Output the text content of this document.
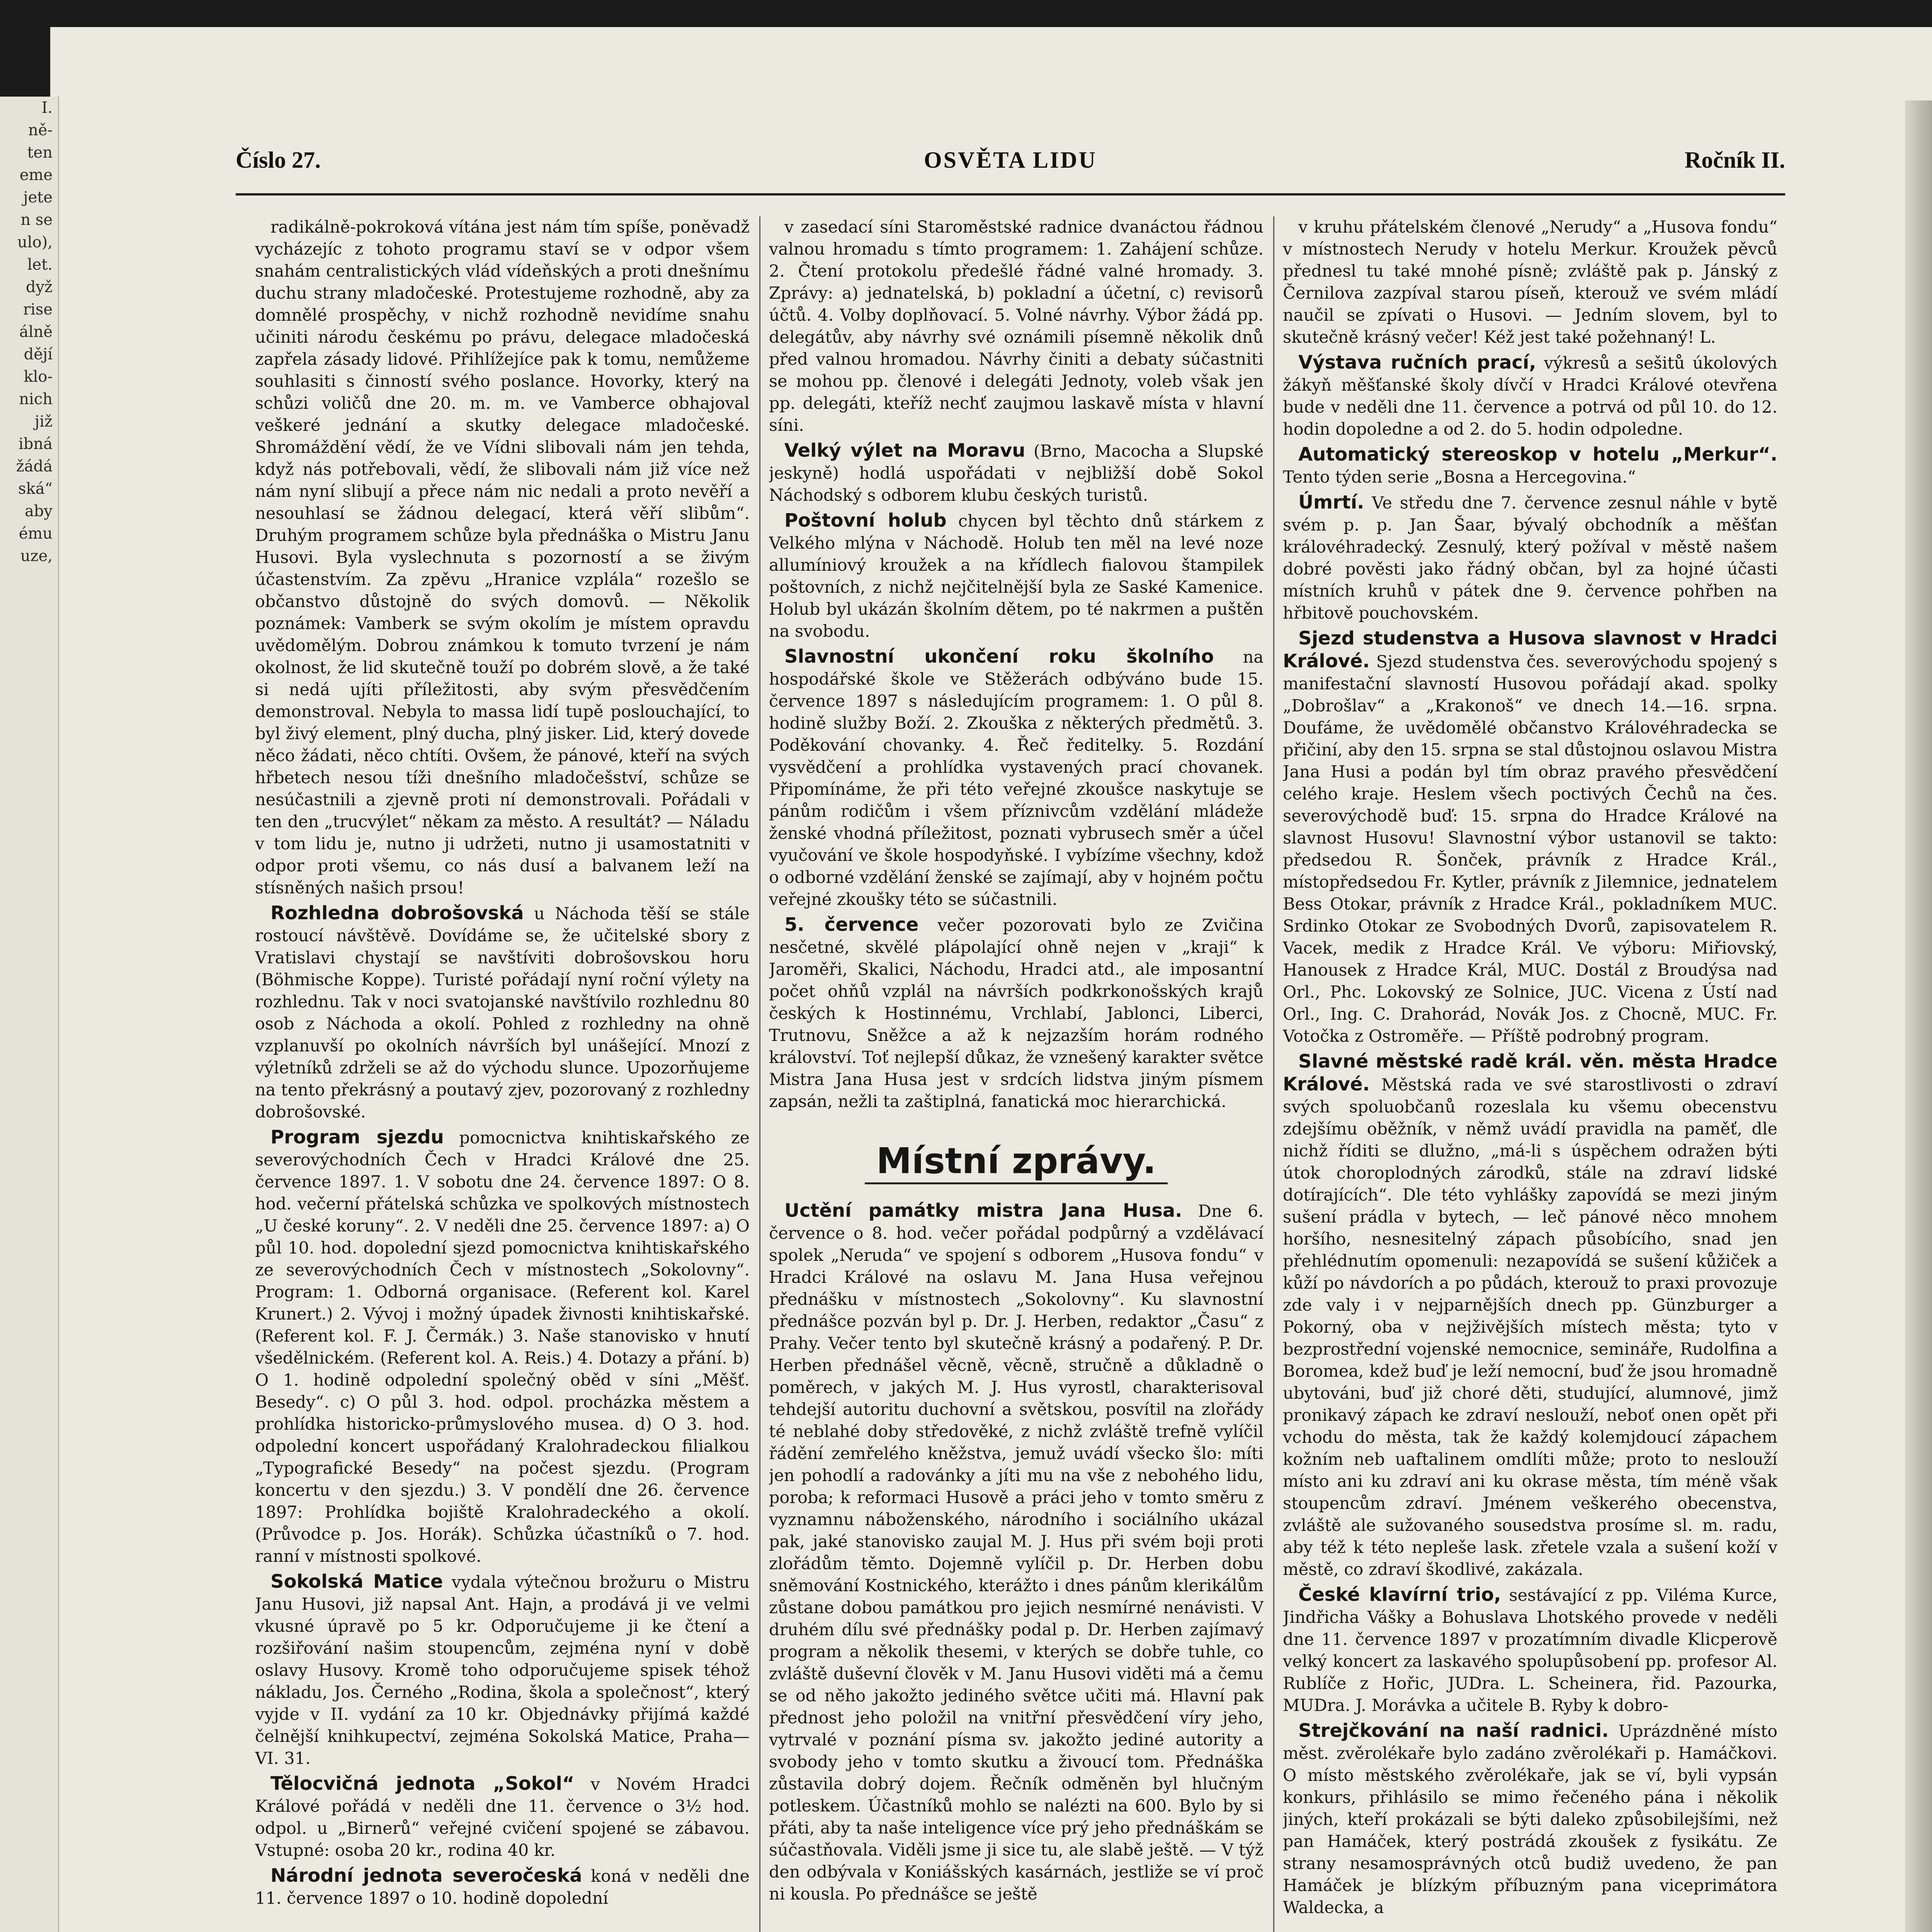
I.
ně-
ten
eme
jete
n se
ulo),
let.
dyž
rise
álně
dějí
klo-
nich
již
ibná
žádá
ská“
aby
ému
uze,
OSVĚTA LIDU
Číslo 27.	Ročník II.

radikálně-pokroková vítána jest nám tím spíše, poněvadž vycházejíc z tohoto programu staví se v odpor všem snahám centralistických vlád vídeňských a proti dnešnímu duchu strany mladočeské. Protestujeme rozhodně, aby za domnělé prospěchy, v nichž rozhodně nevidíme snahu učiniti národu českému po právu, delegace mladočeská zapřela zásady lidové. Přihlížejíce pak k tomu, nemůžeme souhlasiti s činností svého poslance. Hovorky, který na schůzi voličů dne 20. m. m. ve Vamberce obhajoval veškeré jednání a skutky delegace mladočeské. Shromáždění vědí, že ve Vídni slibovali nám jen tehda, když nás potřebovali, vědí, že slibovali nám již více než nám nyní slibují a přece nám nic nedali a proto nevěří a nesouhlasí se žádnou delegací, která věří slibům“. Druhým programem schůze byla přednáška o Mistru Janu Husovi. Byla vyslechnuta s pozorností a se živým účastenstvím. Za zpěvu „Hranice vzplála“ rozešlo se občanstvo důstojně do svých domovů. — Několik poznámek: Vamberk se svým okolím je místem opravdu uvědomělým. Dobrou známkou k tomuto tvrzení je nám okolnost, že lid skutečně touží po dobrém slově, a že také si nedá ujíti příležitosti, aby svým přesvědčením demonstroval. Nebyla to massa lidí tupě poslouchající, to byl živý element, plný ducha, plný jisker. Lid, který dovede něco žádati, něco chtíti. Ovšem, že pánové, kteří na svých hřbetech nesou tíži dnešního mladočešství, schůze se nesúčastnili a zjevně proti ní demonstrovali. Pořádali v ten den „trucvýlet“ někam za město. A resultát? — Náladu v tom lidu je, nutno ji udržeti, nutno ji usamostatniti v odpor proti všemu, co nás dusí a balvanem leží na stísněných našich prsou!

Rozhledna dobrošovská u Náchoda těší se stále rostoucí návštěvě. Dovídáme se, že učitelské sbory z Vratislavi chystají se navštíviti dobrošovskou horu (Böhmische Koppe). Turisté pořádají nyní roční výlety na rozhlednu. Tak v noci svatojanské navštívilo rozhlednu 80 osob z Náchoda a okolí. Pohled z rozhledny na ohně vzplanuvší po okolních návrších byl unášející. Mnozí z výletníků zdrželi se až do východu slunce. Upozorňujeme na tento překrásný a poutavý zjev, pozorovaný z rozhledny dobrošovské.

Program sjezdu pomocnictva knihtiskařského ze severovýchodních Čech v Hradci Králové dne 25. července 1897. 1. V sobotu dne 24. července 1897: O 8. hod. večerní přátelská schůzka ve spolkových místnostech „U české koruny“. 2. V neděli dne 25. července 1897: a) O půl 10. hod. dopolední sjezd pomocnictva knihtiskařského ze severovýchodních Čech v místnostech „Sokolovny“. Program: 1. Odborná organisace. (Referent kol. Karel Krunert.) 2. Vývoj i možný úpadek živnosti knihtiskařské. (Referent kol. F. J. Čermák.) 3. Naše stanovisko v hnutí všedělnickém. (Referent kol. A. Reis.) 4. Dotazy a přání. b) O 1. hodině odpolední společný oběd v síni „Měšť. Besedy“. c) O půl 3. hod. odpol. procházka městem a prohlídka historicko-průmyslového musea. d) O 3. hod. odpolední koncert uspořádaný Kralohradeckou filialkou „Typografické Besedy“ na počest sjezdu. (Program koncertu v den sjezdu.) 3. V pondělí dne 26. července 1897: Prohlídka bojiště Kralohradeckého a okolí. (Průvodce p. Jos. Horák). Schůzka účastníků o 7. hod. ranní v místnosti spolkové.

Sokolská Matice vydala výtečnou brožuru o Mistru Janu Husovi, již napsal Ant. Hajn, a prodává ji ve velmi vkusné úpravě po 5 kr. Odporučujeme ji ke čtení a rozšiřování našim stoupencům, zejména nyní v době oslavy Husovy. Kromě toho odporučujeme spisek téhož nákladu, Jos. Černého „Rodina, škola a společnost“, který vyjde v II. vydání za 10 kr. Objednávky přijímá každé čelnější knihkupectví, zejména Sokolská Matice, Praha—VI. 31.

Tělocvičná jednota „Sokol“ v Novém Hradci Králové pořádá v neděli dne 11. července o 3½ hod. odpol. u „Birnerů“ veřejné cvičení spojené se zábavou. Vstupné: osoba 20 kr., rodina 40 kr.

Národní jednota severočeská koná v neděli dne 11. července 1897 o 10. hodině dopolední

v zasedací síni Staroměstské radnice dvanáctou řádnou valnou hromadu s tímto programem: 1. Zahájení schůze. 2. Čtení protokolu předešlé řádné valné hromady. 3. Zprávy: a) jednatelská, b) pokladní a účetní, c) revisorů účtů. 4. Volby doplňovací. 5. Volné návrhy. Výbor žádá pp. delegátův, aby návrhy své oznámili písemně několik dnů před valnou hromadou. Návrhy činiti a debaty súčastniti se mohou pp. členové i delegáti Jednoty, voleb však jen pp. delegáti, kteříž nechť zaujmou laskavě místa v hlavní síni.

Velký výlet na Moravu (Brno, Macocha a Slupské jeskyně) hodlá uspořádati v nejbližší době Sokol Náchodský s odborem klubu českých turistů.

Poštovní holub chycen byl těchto dnů stárkem z Velkého mlýna v Náchodě. Holub ten měl na levé noze allumíniový kroužek a na křídlech fialovou štampilek poštovních, z nichž nejčitelnější byla ze Saské Kamenice. Holub byl ukázán školním dětem, po té nakrmen a puštěn na svobodu.

Slavnostní ukončení roku školního na hospodářské škole ve Stěžerách odbýváno bude 15. července 1897 s následujícím programem: 1. O půl 8. hodině služby Boží. 2. Zkouška z některých předmětů. 3. Poděkování chovanky. 4. Řeč ředitelky. 5. Rozdání vysvědčení a prohlídka vystavených prací chovanek. Připomínáme, že při této veřejné zkoušce naskytuje se pánům rodičům i všem příznivcům vzdělání mládeže ženské vhodná příležitost, poznati vybrusech směr a účel vyučování ve škole hospodyňské. I vybízíme všechny, kdož o odborné vzdělání ženské se zajímají, aby v hojném počtu veřejné zkoušky této se súčastnili.

5. července večer pozorovati bylo ze Zvičina nesčetné, skvělé plápolající ohně nejen v „kraji“ k Jaroměři, Skalici, Náchodu, Hradci atd., ale imposantní počet ohňů vzplál na návrších podkrkonošských krajů českých k Hostinnému, Vrchlabí, Jablonci, Liberci, Trutnovu, Sněžce a až k nejzazším horám rodného království. Toť nejlepší důkaz, že vznešený karakter světce Mistra Jana Husa jest v srdcích lidstva jiným písmem zapsán, nežli ta zaštiplná, fanatická moc hierarchická.

Místní zprávy.

Uctění památky mistra Jana Husa. Dne 6. července o 8. hod. večer pořádal podpůrný a vzdělávací spolek „Neruda“ ve spojení s odborem „Husova fondu“ v Hradci Králové na oslavu M. Jana Husa veřejnou přednášku v místnostech „Sokolovny“. Ku slavnostní přednášce pozván byl p. Dr. J. Herben, redaktor „Času“ z Prahy. Večer tento byl skutečně krásný a podařený. P. Dr. Herben přednášel věcně, věcně, stručně a důkladně o poměrech, v jakých M. J. Hus vyrostl, charakterisoval tehdejší autoritu duchovní a světskou, posvítil na zlořády té neblahé doby středověké, z nichž zvláště trefně vylíčil řádění zemřelého kněžstva, jemuž uvádí všecko šlo: míti jen pohodlí a radovánky a jíti mu na vše z nebohého lidu, poroba; k reformaci Husově a práci jeho v tomto směru z vyznamnu náboženského, národního i sociálního ukázal pak, jaké stanovisko zaujal M. J. Hus při svém boji proti zlořádům těmto. Dojemně vylíčil p. Dr. Herben dobu sněmování Kostnického, kterážto i dnes pánům klerikálům zůstane dobou památkou pro jejich nesmírné nenávisti. V druhém dílu své přednášky podal p. Dr. Herben zajímavý program a několik thesemi, v kterých se dobře tuhle, co zvláště duševní člověk v M. Janu Husovi viděti má a čemu se od něho jakožto jediného světce učiti má. Hlavní pak přednost jeho položil na vnitřní přesvědčení víry jeho, vytrvalé v poznání písma sv. jakožto jediné autority a svobody jeho v tomto skutku a živoucí tom. Přednáška zůstavila dobrý dojem. Řečník odměněn byl hlučným potleskem. Účastníků mohlo se nalézti na 600. Bylo by si přáti, aby ta naše inteligence více prý jeho přednáškám se súčastňovala. Viděli jsme ji sice tu, ale slabě ještě. — V týž den odbývala v Koniášských kasárnách, jestliže se ví proč ni kousla. Po přednášce se ještě

v kruhu přátelském členové „Nerudy“ a „Husova fondu“ v místnostech Nerudy v hotelu Merkur. Kroužek pěvců přednesl tu také mnohé písně; zvláště pak p. Jánský z Černilova zazpíval starou píseň, kterouž ve svém mládí naučil se zpívati o Husovi. — Jedním slovem, byl to skutečně krásný večer! Kéž jest také požehnaný! L.

Výstava ručních prací, výkresů a sešitů úkolových žákyň měšťanské školy dívčí v Hradci Králové otevřena bude v neděli dne 11. července a potrvá od půl 10. do 12. hodin dopoledne a od 2. do 5. hodin odpoledne.

Automatický stereoskop v hotelu „Merkur“. Tento týden serie „Bosna a Hercegovina.“

Úmrtí. Ve středu dne 7. července zesnul náhle v bytě svém p. p. Jan Šaar, bývalý obchodník a měšťan královéhradecký. Zesnulý, který požíval v městě našem dobré pověsti jako řádný občan, byl za hojné účasti místních kruhů v pátek dne 9. července pohřben na hřbitově pouchovském.

Sjezd studenstva a Husova slavnost v Hradci Králové. Sjezd studenstva čes. severovýchodu spojený s manifestační slavností Husovou pořádají akad. spolky „Dobrošlav“ a „Krakonoš“ ve dnech 14.—16. srpna. Doufáme, že uvědomělé občanstvo Královéhradecka se přičiní, aby den 15. srpna se stal důstojnou oslavou Mistra Jana Husi a podán byl tím obraz pravého přesvědčení celého kraje. Heslem všech poctivých Čechů na čes. severovýchodě buď: 15. srpna do Hradce Králové na slavnost Husovu! Slavnostní výbor ustanovil se takto: předsedou R. Šonček, právník z Hradce Král., místopředsedou Fr. Kytler, právník z Jilemnice, jednatelem Bess Otokar, právník z Hradce Král., pokladníkem MUC. Srdinko Otokar ze Svobodných Dvorů, zapisovatelem R. Vacek, medik z Hradce Král. Ve výboru: Miřiovský, Hanousek z Hradce Král, MUC. Dostál z Broudýsa nad Orl., Phc. Lokovský ze Solnice, JUC. Vicena z Ústí nad Orl., Ing. C. Drahorád, Novák Jos. z Chocně, MUC. Fr. Votočka z Ostroměře. — Příště podrobný program.

Slavné městské radě král. věn. města Hradce Králové. Městská rada ve své starostlivosti o zdraví svých spoluobčanů rozeslala ku všemu obecenstvu zdejšímu oběžník, v němž uvádí pravidla na paměť, dle nichž říditi se dlužno, „má-li s úspěchem odražen býti útok choroplodných zárodků, stále na zdraví lidské dotírajících“. Dle této vyhlášky zapovídá se mezi jiným sušení prádla v bytech, — leč pánové něco mnohem horšího, nesnesitelný zápach působícího, snad jen přehlédnutím opomenuli: nezapovídá se sušení kůžiček a kůží po návdorích a po půdách, kterouž to praxi provozuje zde valy i v nejparnějších dnech pp. Günzburger a Pokorný, oba v nejživějších místech města; tyto v bezprostřední vojenské nemocnice, semináře, Rudolfina a Boromea, kdež buď je leží nemocní, buď že jsou hromadně ubytováni, buď již choré děti, studující, alumnové, jimž pronikavý zápach ke zdraví neslouží, neboť onen opět při vchodu do města, tak že každý kolemjdoucí zápachem kožním neb uaftalinem omdlíti může; proto to neslouží místo ani ku zdraví ani ku okrase města, tím méně však stoupencům zdraví. Jménem veškerého obecenstva, zvláště ale sužovaného sousedstva prosíme sl. m. radu, aby též k této nepleše lask. zřetele vzala a sušení koží v městě, co zdraví škodlivé, zakázala.

České klavírní trio, sestávající z pp. Viléma Kurce, Jindřicha Vášky a Bohuslava Lhotského provede v neděli dne 11. července 1897 v prozatímním divadle Klicperově velký koncert za laskavého spolupůsobení pp. profesor Al. Rublíče z Hořic, JUDra. L. Scheinera, řid. Pazourka, MUDra. J. Morávka a učitele B. Ryby k dobro-

Strejčkování na naší radnici. Uprázdněné místo měst. zvěrolékaře bylo zadáno zvěrolékaři p. Hamáčkovi. O místo městského zvěrolékaře, jak se ví, byli vypsán konkurs, přihlásilo se mimo řečeného pána i několik jiných, kteří prokázali se býti daleko způsobilejšími, než pan Hamáček, který postrádá zkoušek z fysikátu. Ze strany nesamosprávných otců budiž uvedeno, že pan Hamáček je blízkým příbuzným pana viceprimátora Waldecka, a
